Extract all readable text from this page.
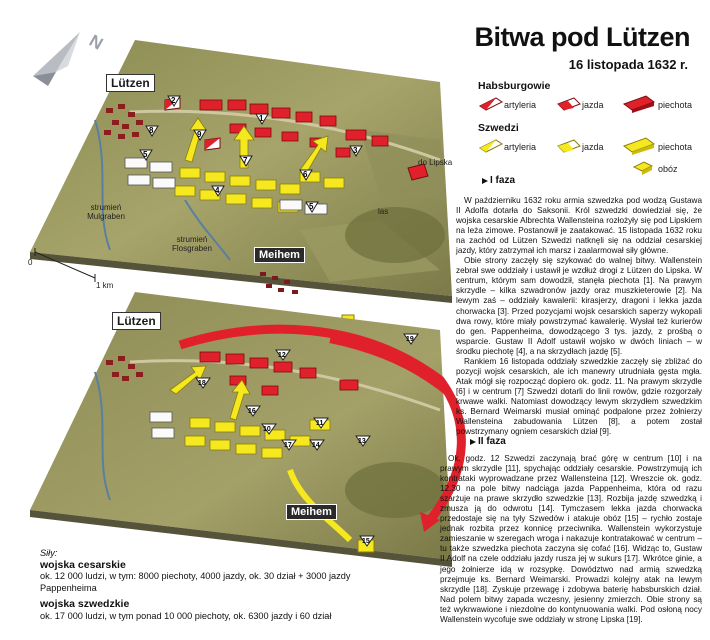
Bitwa pod Lützen
16 listopada 1632 r.
N
1
2
3
4
5
5
6
7
8	9
10
11
12
13
14
15
16
17
18
19
Lützen
Meihem
strumień Mulgraben
strumień Flosgraben
las
do Lipska
0
1 km
Lützen
Meihem
Habsburgowie
artyleria	jazda	piechota
Szwedzi
artyleria	jazda	piechota
obóz
I faza
II faza

W październiku 1632 roku armia szwedzka pod wodzą Gustawa II Adolfa dotarła do Saksonii. Król szwedzki dowiedział się, że wojska cesarskie Albrechta Wallensteina rozłożyły się pod Lipskiem na leża zimowe. Postanowił je zaatakować. 15 listopada 1632 roku na zachód od Lützen Szwedzi natknęli się na oddział cesarskiej jazdy, który zatrzymał ich marsz i zaalarmował siły główne.

Obie strony zaczęły się szykować do walnej bitwy. Wallenstein zebrał swe oddziały i ustawił je wzdłuż drogi z Lützen do Lipska. W centrum, którym sam dowodził, stanęła piechota [1]. Na prawym skrzydle – kilka szwadronów jazdy oraz muszkieterowie [2]. Na lewym zaś – oddziały kawalerii: kirasjerzy, dragoni i lekka jazda chorwacka [3]. Przed pozycjami wojsk cesarskich saperzy wykopali dwa rowy, które miały powstrzymać kawalerię. Wysłał też kurierów do gen. Pappenheima, dowodzącego 3 tys. jazdy, z prośbą o wsparcie. Gustaw II Adolf ustawił wojsko w dwóch liniach – w środku piechotę [4], a na skrzydłach jazdę [5].

Rankiem 16 listopada oddziały szwedzkie zaczęły się zbliżać do pozycji wojsk cesarskich, ale ich manewry utrudniała gęsta mgła. Atak mógł się rozpocząć dopiero ok. godz. 11. Na prawym skrzydle [6] i w centrum [7] Szwedzi dotarli do linii rowów, gdzie rozgorzały krwawe walki. Natomiast dowodzący lewym skrzydłem szwedzkim ks. Bernard Weimarski musiał ominąć podpalone przez żołnierzy Wallensteina zabudowania Lützen [8], a potem został powstrzymany ogniem cesarskich dział [9].

Ok. godz. 12 Szwedzi zaczynają brać górę w centrum [10] i na prawym skrzydle [11], spychając oddziały cesarskie. Powstrzymują ich kontrataki wyprowadzane przez Wallensteina [12]. Wreszcie ok. godz. 12.30 na pole bitwy nadciąga jazda Pappenheima, która od razu szarżuje na prawe skrzydło szwedzkie [13]. Rozbija jazdę szwedzką i zmusza ją do odwrotu [14]. Tymczasem lekka jazda chorwacka przedostaje się na tyły Szwedów i atakuje obóz [15] – rychło zostaje jednak rozbita przez konnicę przeciwnika. Wallenstein wykorzystuje zamieszanie w szeregach wroga i nakazuje kontratakować w centrum – tu także szwedzka piechota zaczyna się cofać [16]. Widząc to, Gustaw II Adolf na czele oddziału jazdy rusza jej w sukurs [17]. Wkrótce ginie, a jego żołnierze idą w rozsypkę. Dowództwo nad armią szwedzką przejmuje ks. Bernard Weimarski. Prowadzi kolejny atak na lewym skrzydle [18]. Zyskuje przewagę i zdobywa baterię habsburskich dział. Nad polem bitwy zapada wczesny, jesienny zmierzch. Obie strony są też wykrwawione i niezdolne do kontynuowania walki. Pod osłoną nocy Wallenstein wycofuje swe oddziały w stronę Lipska [19].

Siły:
wojska cesarskie
ok. 12 000 ludzi, w tym: 8000 piechoty, 4000 jazdy, ok. 30 dział + 3000 jazdy Pappenheima
wojska szwedzkie
ok. 17 000 ludzi, w tym ponad 10 000 piechoty, ok. 6300 jazdy i 60 dział
